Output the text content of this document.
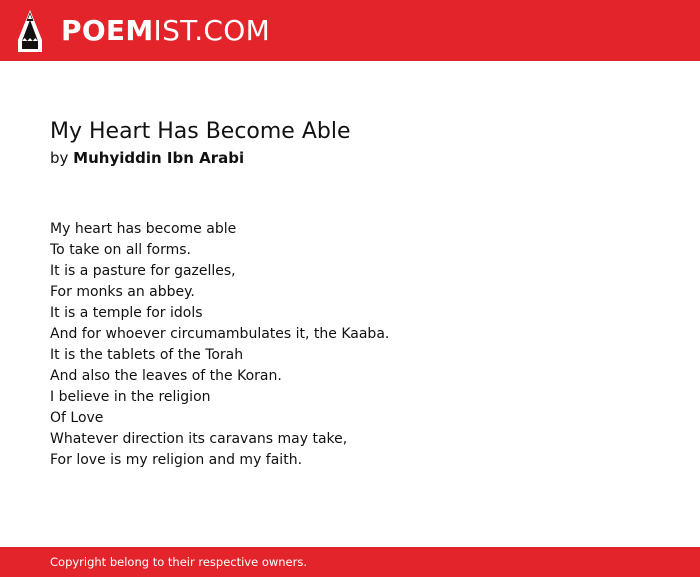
POEMIST.COM
My Heart Has Become Able
by Muhyiddin Ibn Arabi
My heart has become able
To take on all forms.
It is a pasture for gazelles,
For monks an abbey.
It is a temple for idols
And for whoever circumambulates it, the Kaaba.
It is the tablets of the Torah
And also the leaves of the Koran.
I believe in the religion
Of Love
Whatever direction its caravans may take,
For love is my religion and my faith.
Copyright belong to their respective owners.
